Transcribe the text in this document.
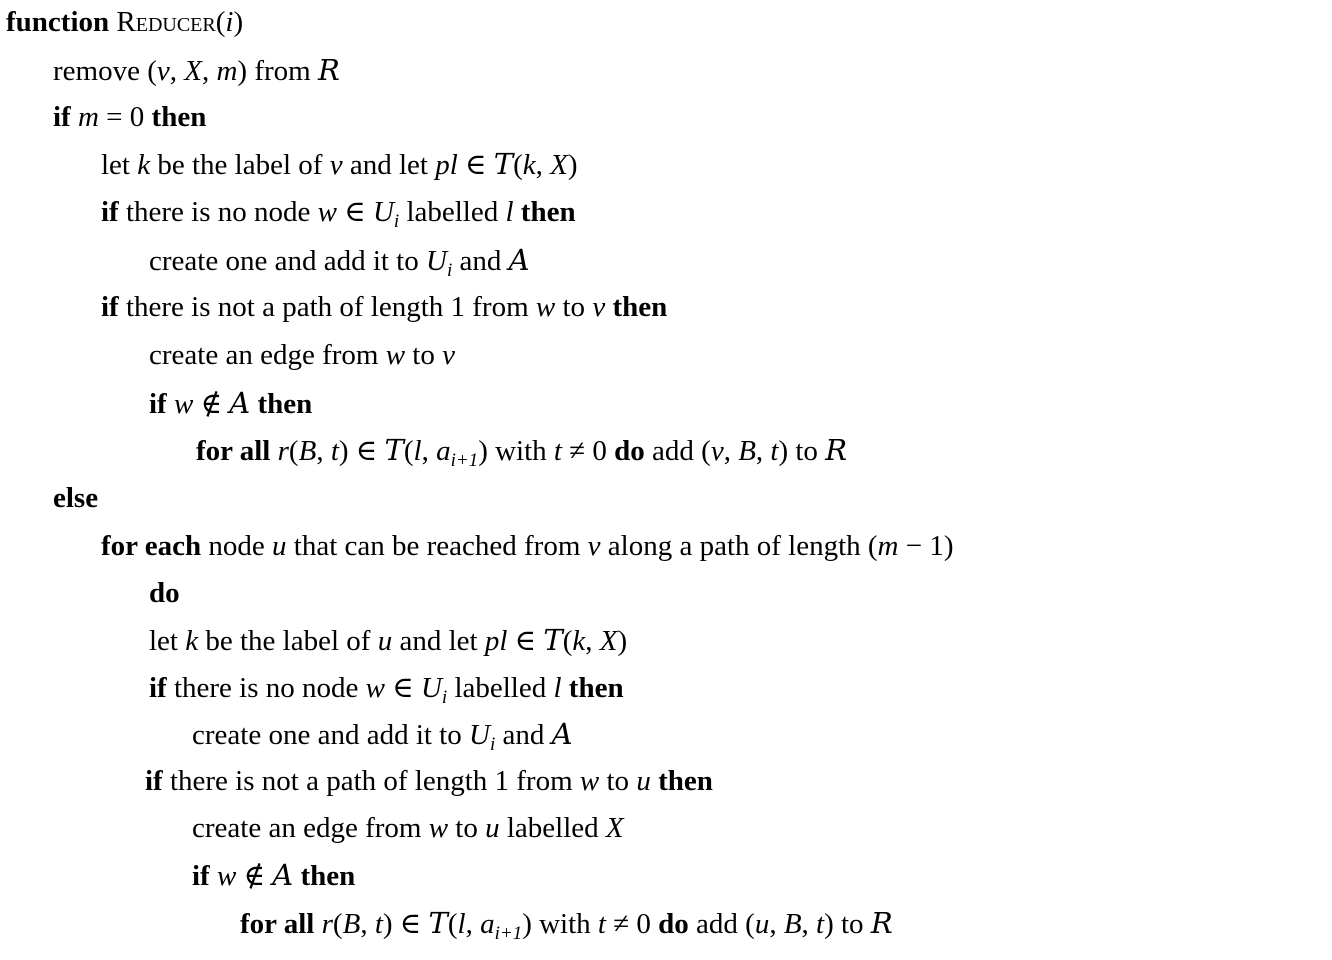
function Reducer(i)
remove (v, X, m) from R
if m = 0 then
let k be the label of v and let pl ∈ T(k, X)
if there is no node w ∈ $U_i$ labelled l then
create one and add it to $U_i$ and A
if there is not a path of length 1 from w to v then
create an edge from w to v
if w ∉ A then
for all r(B, t) ∈ T(l, $a_{i+1}$) with t ≠ 0 do add (v, B, t) to R
else
for each node u that can be reached from v along a path of length (m − 1)
do
let k be the label of u and let pl ∈ T(k, X)
if there is no node w ∈ $U_i$ labelled l then
create one and add it to $U_i$ and A
if there is not a path of length 1 from w to u then
create an edge from w to u labelled X
if w ∉ A then
for all r(B, t) ∈ T(l, $a_{i+1}$) with t ≠ 0 do add (u, B, t) to R
